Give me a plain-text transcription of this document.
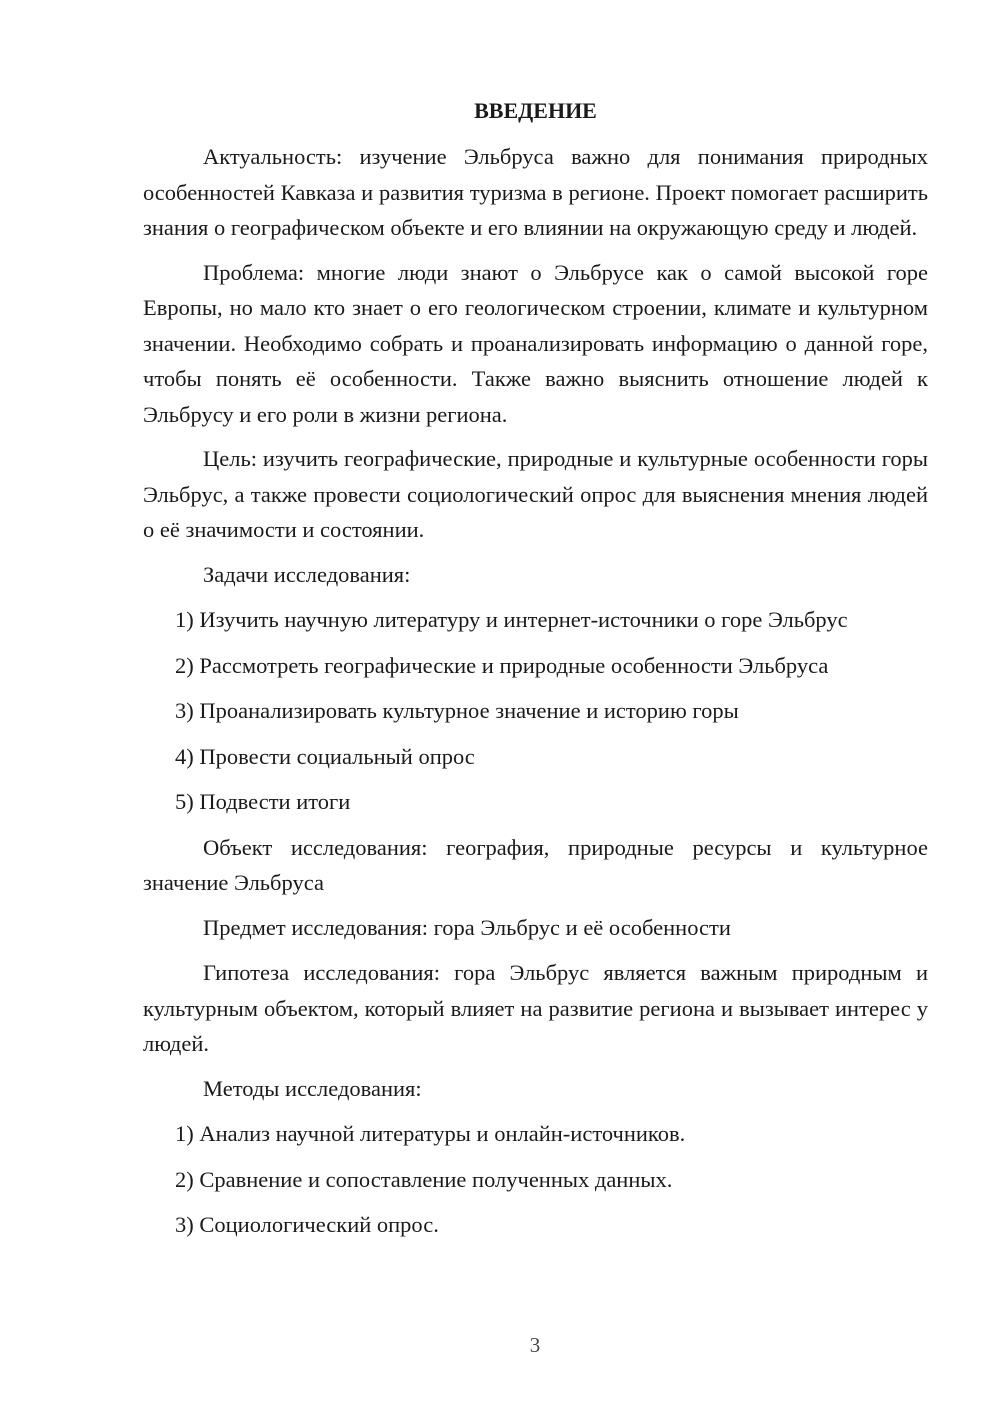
ВВЕДЕНИЕ

Актуальность: изучение Эльбруса важно для понимания природных особенностей Кавказа и развития туризма в регионе. Проект помогает расширить знания о географическом объекте и его влиянии на окружающую среду и людей.

Проблема: многие люди знают о Эльбрусе как о самой высокой горе Европы, но мало кто знает о его геологическом строении, климате и культурном значении. Необходимо собрать и проанализировать информацию о данной горе, чтобы понять её особенности. Также важно выяснить отношение людей к Эльбрусу и его роли в жизни региона.

Цель: изучить географические, природные и культурные особенности горы Эльбрус, а также провести социологический опрос для выяснения мнения людей о её значимости и состоянии.

Задачи исследования:
1) Изучить научную литературу и интернет-источники о горе Эльбрус
2) Рассмотреть географические и природные особенности Эльбруса
3) Проанализировать культурное значение и историю горы
4) Провести социальный опрос
5) Подвести итоги

Объект исследования: география, природные ресурсы и культурное значение Эльбруса

Предмет исследования: гора Эльбрус и её особенности

Гипотеза исследования: гора Эльбрус является важным природным и культурным объектом, который влияет на развитие региона и вызывает интерес у людей.

Методы исследования:
1) Анализ научной литературы и онлайн-источников.
2) Сравнение и сопоставление полученных данных.
3) Социологический опрос.
3
